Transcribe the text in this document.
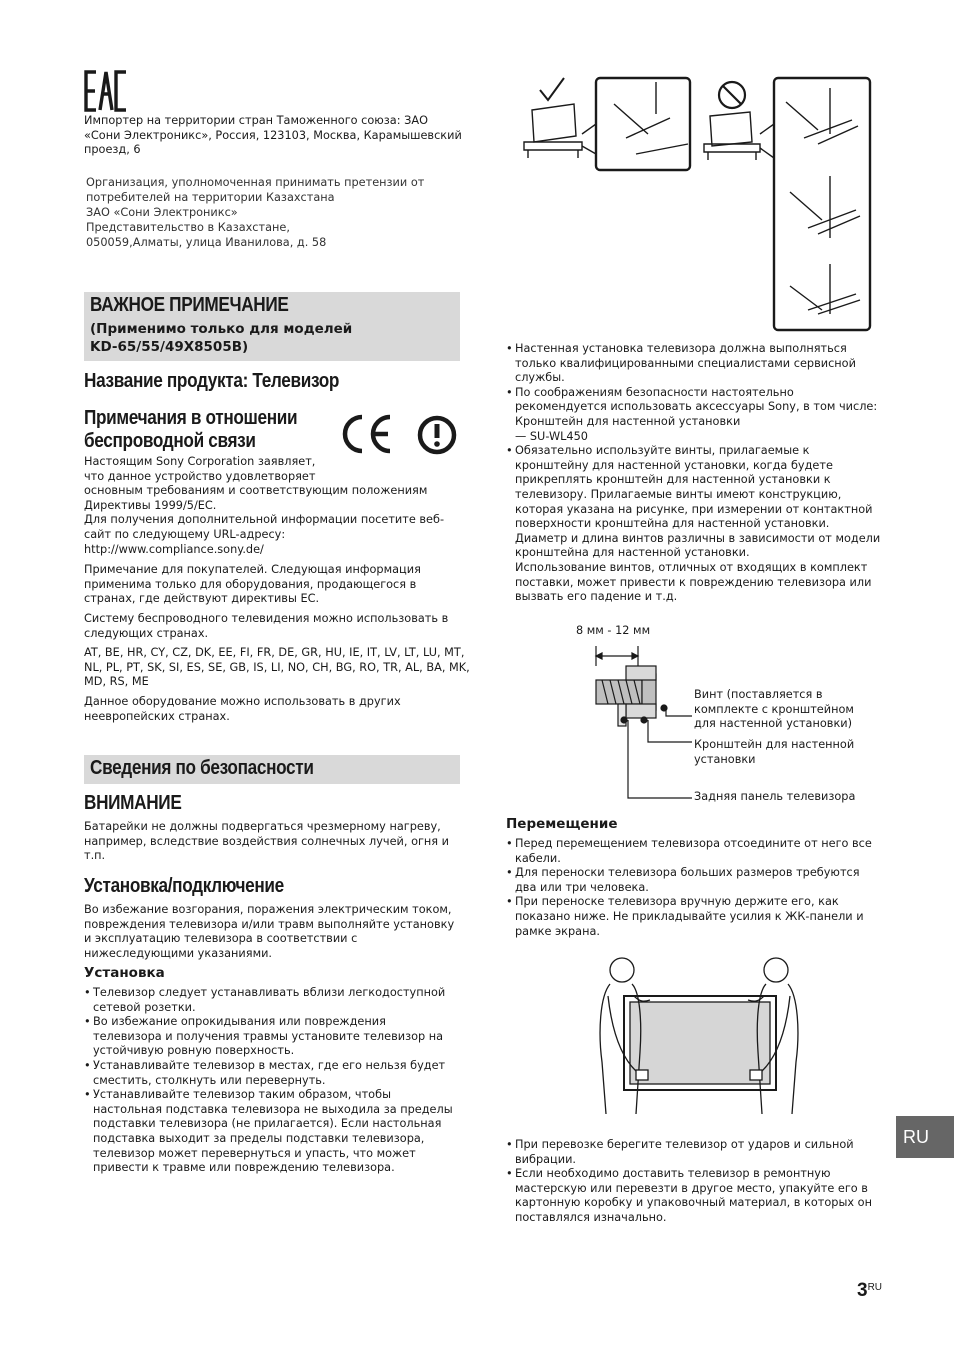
Импортер на территории стран Таможенного союза: ЗАО
«Сони Электроникс», Россия, 123103, Москва, Карамышевский
проезд, 6
Организация, уполномоченная принимать претензии от
потребителей на территории Казахстана
ЗАО «Сони Электроникс»
Представительство в Казахстане,
050059,Алматы, улица Иванилова, д. 58
ВАЖНОЕ ПРИМЕЧАНИЕ
(Применимо только для моделей
KD-65/55/49X8505B)
Название продукта: Телевизор
Примечания в отношении
беспроводной связи
Настоящим Sony Corporation заявляет,
что данное устройство удовлетворяет
основным требованиям и соответствующим положениям
Директивы 1999/5/EC.
Для получения дополнительной информации посетите веб-
сайт по следующему URL-адресу:
http://www.compliance.sony.de/
Примечание для покупателей. Следующая информация
применима только для оборудования, продающегося в
странах, где действуют директивы ЕС.
Систему беспроводного телевидения можно использовать в
следующих странах.
AT, BE, HR, CY, CZ, DK, EE, FI, FR, DE, GR, HU, IE, IT, LV, LT, LU, MT,
NL, PL, PT, SK, SI, ES, SE, GB, IS, LI, NO, CH, BG, RO, TR, AL, BA, MK,
MD, RS, ME
Данное оборудование можно использовать в других
неевропейских странах.
Сведения по безопасности
ВНИМАНИЕ
Батарейки не должны подвергаться чрезмерному нагреву,
например, вследствие воздействия солнечных лучей, огня и
т.п.
Установка/подключение
Во избежание возгорания, поражения электрическим током,
повреждения телевизора и/или травм выполняйте установку
и эксплуатацию телевизора в соответствии с
нижеследующими указаниями.
Установка
• Телевизор следует устанавливать вблизи легкодоступной
сетевой розетки.
• Во избежание опрокидывания или повреждения
телевизора и получения травмы установите телевизор на
устойчивую ровную поверхность.
• Устанавливайте телевизор в местах, где его нельзя будет
сместить, столкнуть или перевернуть.
• Устанавливайте телевизор таким образом, чтобы
настольная подставка телевизора не выходила за пределы
подставки телевизора (не прилагается). Если настольная
подставка выходит за пределы подставки телевизора,
телевизор может перевернуться и упасть, что может
привести к травме или повреждению телевизора.
• Настенная установка телевизора должна выполняться
только квалифицированными специалистами сервисной
службы.
• По соображениям безопасности настоятельно
рекомендуется использовать аксессуары Sony, в том числе:
Кронштейн для настенной установки
— SU-WL450
• Обязательно используйте винты, прилагаемые к
кронштейну для настенной установки, когда будете
прикреплять кронштейн для настенной установки к
телевизору. Прилагаемые винты имеют конструкцию,
которая указана на рисунке, при измерении от контактной
поверхности кронштейна для настенной установки.
Диаметр и длина винтов различны в зависимости от модели
кронштейна для настенной установки.
Использование винтов, отличных от входящих в комплект
поставки, может привести к повреждению телевизора или
вызвать его падение и т.д.
8 мм - 12 мм
Винт (поставляется в
комплекте с кронштейном
для настенной установки)
Кронштейн для настенной
установки
Задняя панель телевизора
Перемещение
• Перед перемещением телевизора отсоедините от него все
кабели.
• Для переноски телевизора больших размеров требуются
два или три человека.
• При переноске телевизора вручную держите его, как
показано ниже. Не прикладывайте усилия к ЖК-панели и
рамке экрана.
• При перевозке берегите телевизор от ударов и сильной
вибрации.
• Если необходимо доставить телевизор в ремонтную
мастерскую или перевезти в другое место, упакуйте его в
картонную коробку и упаковочный материал, в которых он
поставлялся изначально.
RU
$3^{RU}$
